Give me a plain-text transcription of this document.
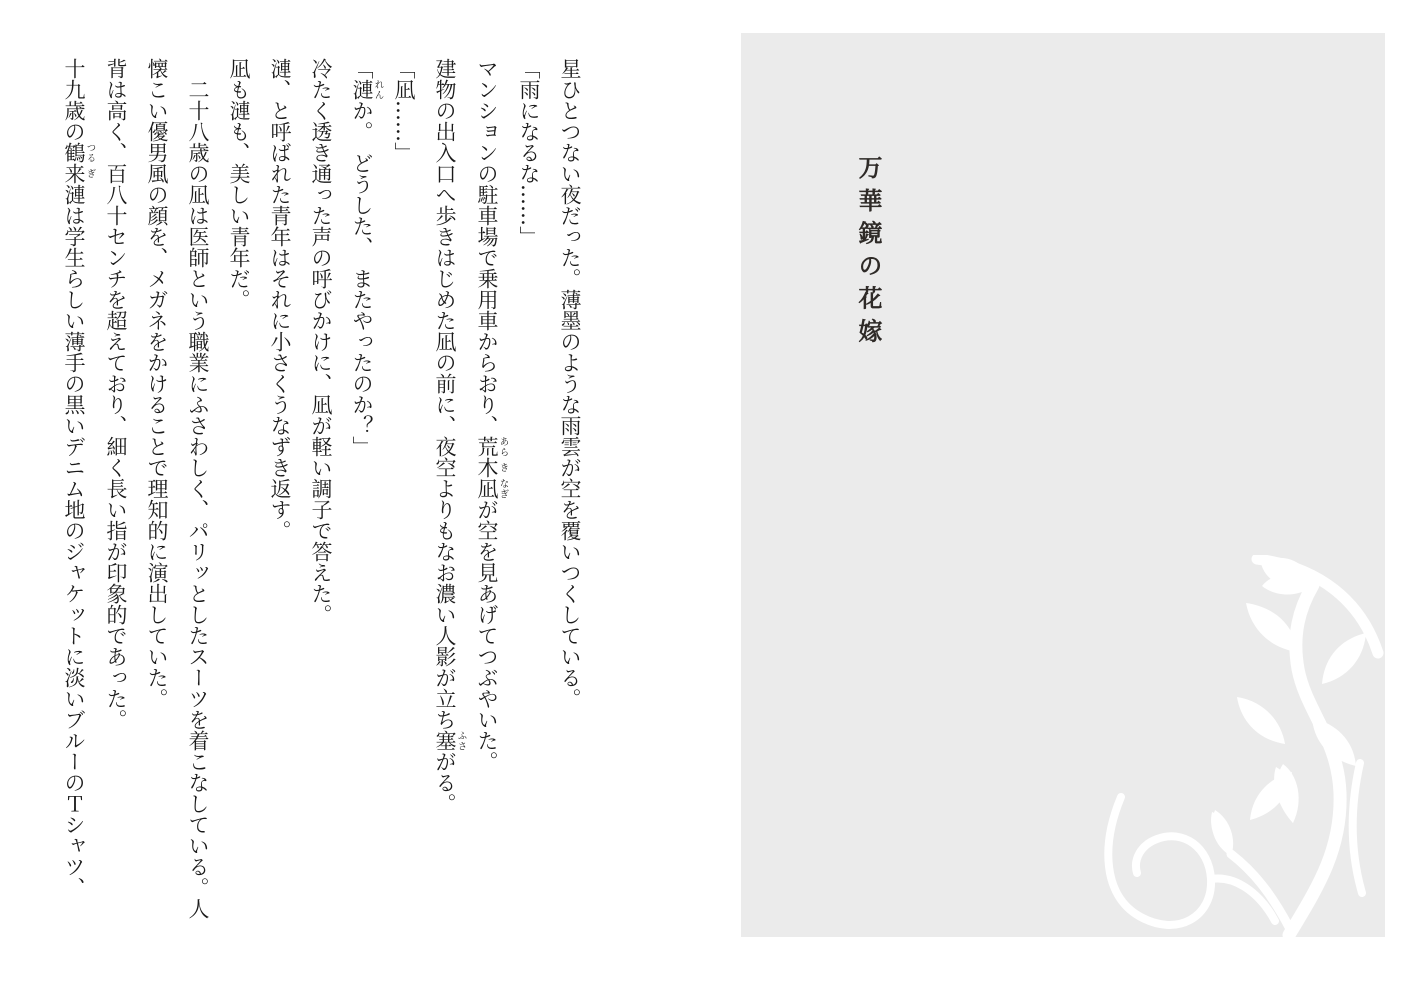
星ひとつない夜だった。薄墨のような雨雲が空を覆いつくしている。

「雨になるな……」

マンションの駐車場で乗用車からおり、荒あら木き凪なぎが空を見あげてつぶやいた。

建物の出入口へ歩きはじめた凪の前に、夜空よりもなお濃い人影が立ち塞ふさがる。

「凪……」

「漣れんか。　どうした、　またやったのか？」

冷たく透き通った声の呼びかけに、凪が軽い調子で答えた。

漣、と呼ばれた青年はそれに小さくうなずき返す。

凪も漣も、美しい青年だ。

　二十八歳の凪は医師という職業にふさわしく、パリッとしたスーツを着こなしている。人懐こい優男風の顔を、メガネをかけることで理知的に演出していた。

背は高く、百八十センチを超えており、細く長い指が印象的であった。

十九歳の鶴つる来ぎ漣は学生らしい薄手の黒いデニム地のジャケットに淡いブルーのＴシャツ、	万華鏡の花嫁
